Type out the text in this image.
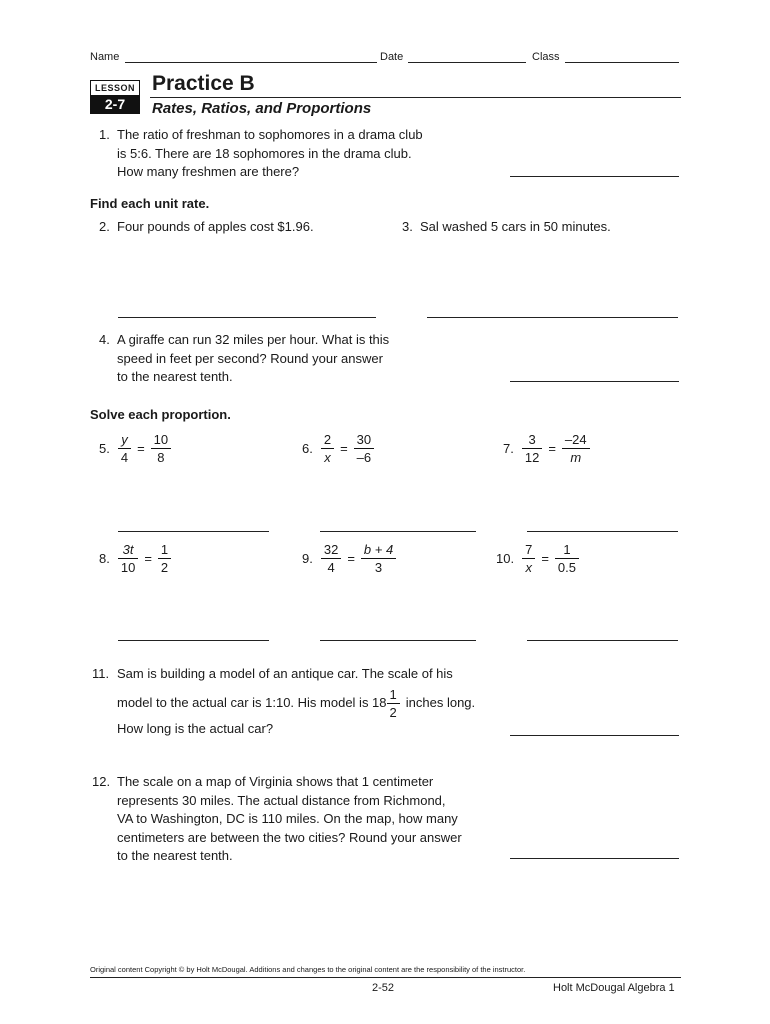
Name	Date	Class
LESSON
2-7
Practice B
Rates, Ratios, and Proportions
1. The ratio of freshman to sophomores in a drama club
is 5:6. There are 18 sophomores in the drama club.
How many freshmen are there?
Find each unit rate.
2. Four pounds of apples cost $1.96.	3. Sal washed 5 cars in 50 minutes.
4. A giraffe can run 32 miles per hour. What is this
speed in feet per second? Round your answer
to the nearest tenth.
Solve each proportion.
5. $\frac{y}{4} = \frac{10}{8}$	6. $\frac{2}{x} = \frac{30}{-6}$	7. $\frac{3}{12} = \frac{-24}{m}$
8. $\frac{3t}{10} = \frac{1}{2}$	9. $\frac{32}{4} = \frac{b + 4}{3}$	10. $\frac{7}{x} = \frac{1}{0.5}$
11. Sam is building a model of an antique car. The scale of his
model to the actual car is 1:10. His model is $18 \frac{1}{2}$ inches long.
How long is the actual car?
12. The scale on a map of Virginia shows that 1 centimeter
represents 30 miles. The actual distance from Richmond,
VA to Washington, DC is 110 miles. On the map, how many
centimeters are between the two cities? Round your answer
to the nearest tenth.
Original content Copyright © by Holt McDougal. Additions and changes to the original content are the responsibility of the instructor.
2-52	Holt McDougal Algebra 1
